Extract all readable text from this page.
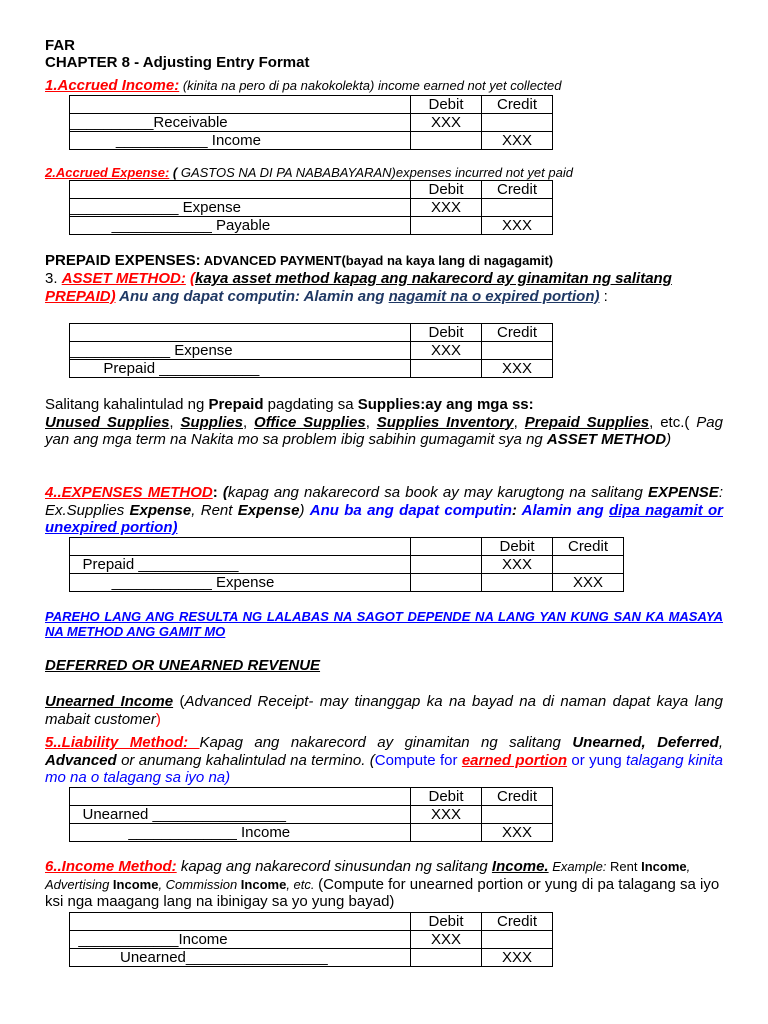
FAR
CHAPTER 8 - Adjusting Entry Format
1.Accrued Income: (kinita na pero di pa nakokolekta) income earned not yet collected
	Debit	Credit
__________Receivable	XXX	
___________ Income		XXX
2.Accrued Expense: ( GASTOS NA DI PA NABABAYARAN)expenses incurred not yet paid
	Debit	Credit
_____________ Expense	XXX	
____________ Payable		XXX
PREPAID EXPENSES: ADVANCED PAYMENT(bayad na kaya lang di nagagamit)
3. ASSET METHOD: (kaya asset method kapag ang nakarecord ay ginamitan ng salitang PREPAID) Anu ang dapat computin: Alamin ang nagamit na o expired portion) :
	Debit	Credit
____________ Expense	XXX	
Prepaid ____________		XXX
Salitang kahalintulad ng Prepaid pagdating sa Supplies:ay ang mga ss:
Unused Supplies, Supplies, Office Supplies, Supplies Inventory, Prepaid Supplies, etc.( Pag yan ang mga term na Nakita mo sa problem ibig sabihin gumagamit sya ng ASSET METHOD)
4..EXPENSES METHOD: (kapag ang nakarecord sa book ay may karugtong na salitang EXPENSE: Ex.Supplies Expense, Rent Expense) Anu ba ang dapat computin: Alamin ang dipa nagamit or unexpired portion)
		Debit	Credit
Prepaid ____________		XXX	
____________ Expense			XXX
PAREHO LANG ANG RESULTA NG LALABAS NA SAGOT DEPENDE NA LANG YAN KUNG SAN KA MASAYA NA METHOD ANG GAMIT MO
DEFERRED OR UNEARNED REVENUE
Unearned Income (Advanced Receipt- may tinanggap ka na bayad na di naman dapat kaya lang mabait customer)
5..Liability Method: Kapag ang nakarecord ay ginamitan ng salitang Unearned, Deferred, Advanced or anumang kahalintulad na termino. (Compute for earned portion or yung talagang kinita mo na o talagang sa iyo na)
	Debit	Credit
Unearned ________________	XXX	
_____________ Income		XXX
6..Income Method: kapag ang nakarecord sinusundan ng salitang Income. Example: Rent Income, Advertising Income, Commission Income, etc. (Compute for unearned portion or yung di pa talagang sa iyo ksi nga maagang lang na ibinigay sa yo yung bayad)
	Debit	Credit
____________Income	XXX	
Unearned_________________		XXX
